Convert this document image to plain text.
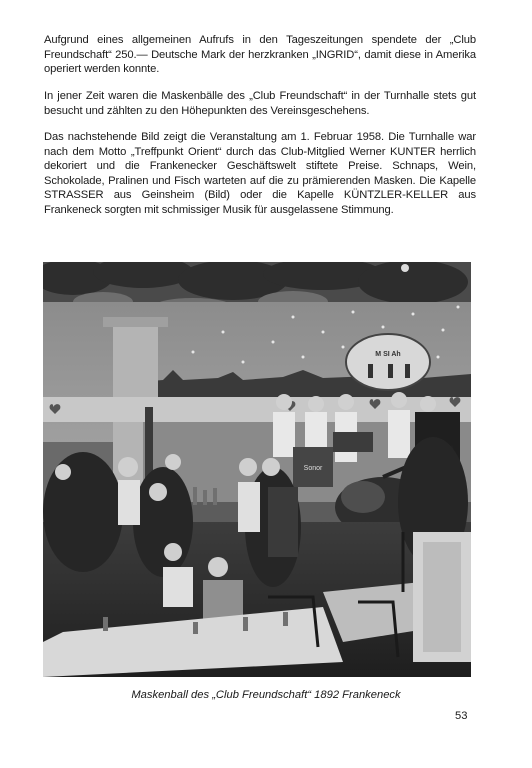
Aufgrund eines allgemeinen Aufrufs in den Tageszeitungen spendete der „Club Freundschaft“ 250.— Deutsche Mark der herzkranken „INGRID“, damit diese in Amerika operiert werden konnte.
In jener Zeit waren die Maskenbälle des „Club Freundschaft“ in der Turnhalle stets gut besucht und zählten zu den Höhepunkten des Vereinsgeschehens.
Das nachstehende Bild zeigt die Veranstaltung am 1. Februar 1958. Die Turnhalle war nach dem Motto „Treffpunkt Orient“ durch das Club-Mitglied Werner KUNTER herrlich dekoriert und die Frankenecker Geschäftswelt stiftete Preise. Schnaps, Wein, Schokolade, Pralinen und Fisch warteten auf die zu prämierenden Masken. Die Kapelle STRASSER aus Geinsheim (Bild) oder die Kapelle KÜNTZLER-KELLER aus Frankeneck sorgten mit schmissiger Musik für ausgelassene Stimmung.
M SI Ah
Sonor
Maskenball des „Club Freundschaft“ 1892 Frankeneck
53
